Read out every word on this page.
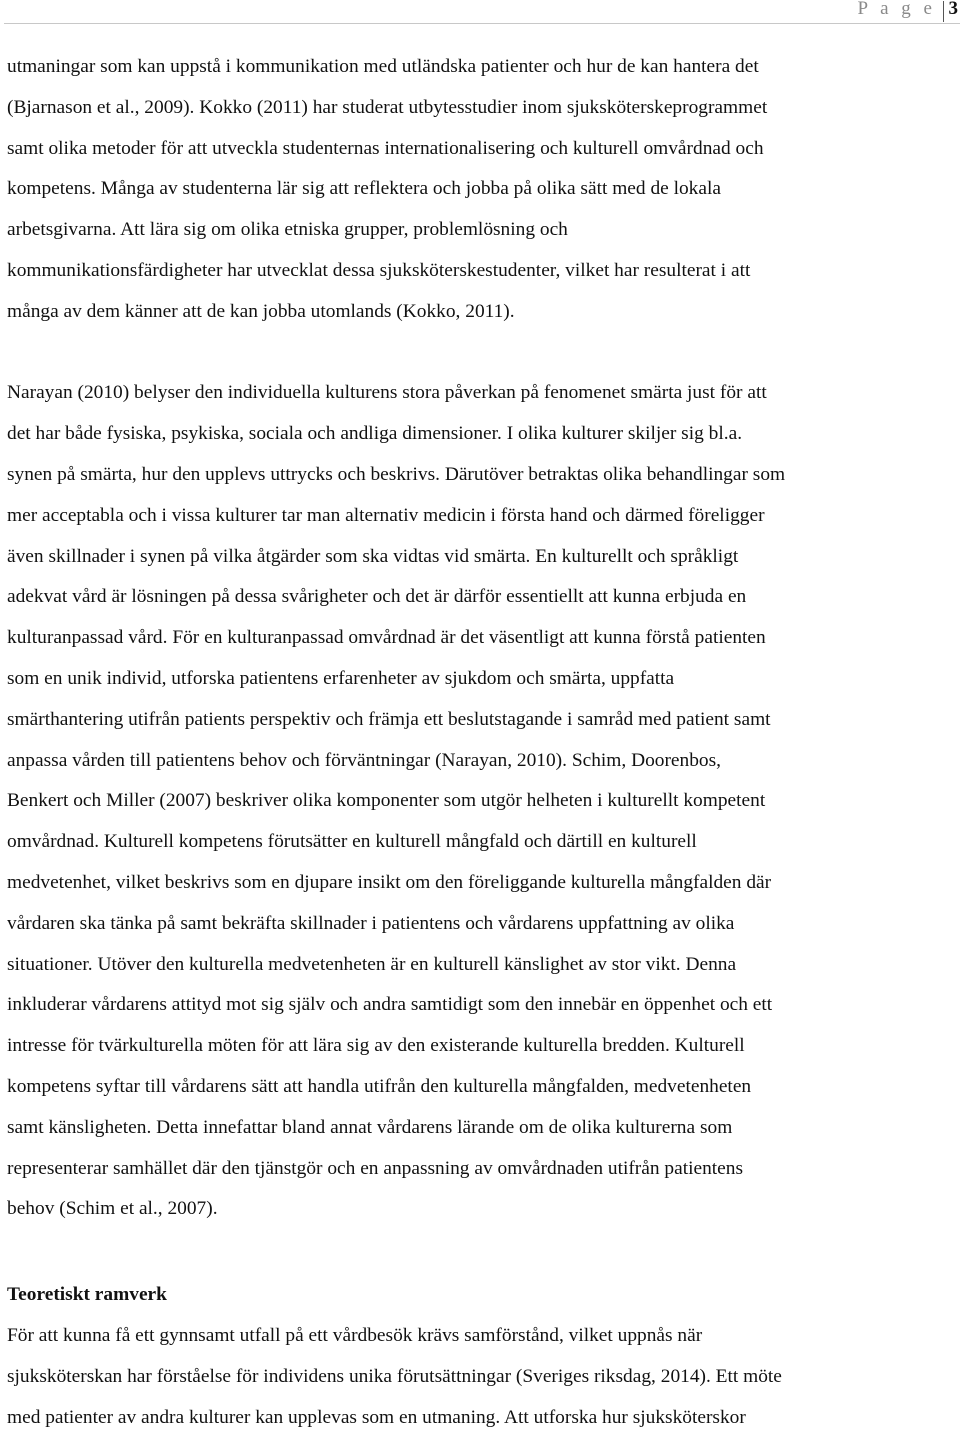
P a g e 3

utmaningar som kan uppstå i kommunikation med utländska patienter och hur de kan hantera det
(Bjarnason et al., 2009). Kokko (2011) har studerat utbytesstudier inom sjuksköterskeprogrammet
samt olika metoder för att utveckla studenternas internationalisering och kulturell omvårdnad och
kompetens. Många av studenterna lär sig att reflektera och jobba på olika sätt med de lokala
arbetsgivarna. Att lära sig om olika etniska grupper, problemlösning och
kommunikationsfärdigheter har utvecklat dessa sjuksköterskestudenter, vilket har resulterat i att
många av dem känner att de kan jobba utomlands (Kokko, 2011).

Narayan (2010) belyser den individuella kulturens stora påverkan på fenomenet smärta just för att
det har både fysiska, psykiska, sociala och andliga dimensioner. I olika kulturer skiljer sig bl.a.
synen på smärta, hur den upplevs uttrycks och beskrivs. Därutöver betraktas olika behandlingar som
mer acceptabla och i vissa kulturer tar man alternativ medicin i första hand och därmed föreligger
även skillnader i synen på vilka åtgärder som ska vidtas vid smärta. En kulturellt och språkligt
adekvat vård är lösningen på dessa svårigheter och det är därför essentiellt att kunna erbjuda en
kulturanpassad vård. För en kulturanpassad omvårdnad är det väsentligt att kunna förstå patienten
som en unik individ, utforska patientens erfarenheter av sjukdom och smärta, uppfatta
smärthantering utifrån patients perspektiv och främja ett beslutstagande i samråd med patient samt
anpassa vården till patientens behov och förväntningar (Narayan, 2010). Schim, Doorenbos,
Benkert och Miller (2007) beskriver olika komponenter som utgör helheten i kulturellt kompetent
omvårdnad. Kulturell kompetens förutsätter en kulturell mångfald och därtill en kulturell
medvetenhet, vilket beskrivs som en djupare insikt om den föreliggande kulturella mångfalden där
vårdaren ska tänka på samt bekräfta skillnader i patientens och vårdarens uppfattning av olika
situationer. Utöver den kulturella medvetenheten är en kulturell känslighet av stor vikt. Denna
inkluderar vårdarens attityd mot sig själv och andra samtidigt som den innebär en öppenhet och ett
intresse för tvärkulturella möten för att lära sig av den existerande kulturella bredden. Kulturell
kompetens syftar till vårdarens sätt att handla utifrån den kulturella mångfalden, medvetenheten
samt känsligheten. Detta innefattar bland annat vårdarens lärande om de olika kulturerna som
representerar samhället där den tjänstgör och en anpassning av omvårdnaden utifrån patientens
behov (Schim et al., 2007).

Teoretiskt ramverk

För att kunna få ett gynnsamt utfall på ett vårdbesök krävs samförstånd, vilket uppnås när
sjuksköterskan har förståelse för individens unika förutsättningar (Sveriges riksdag, 2014). Ett möte
med patienter av andra kulturer kan upplevas som en utmaning. Att utforska hur sjuksköterskor
